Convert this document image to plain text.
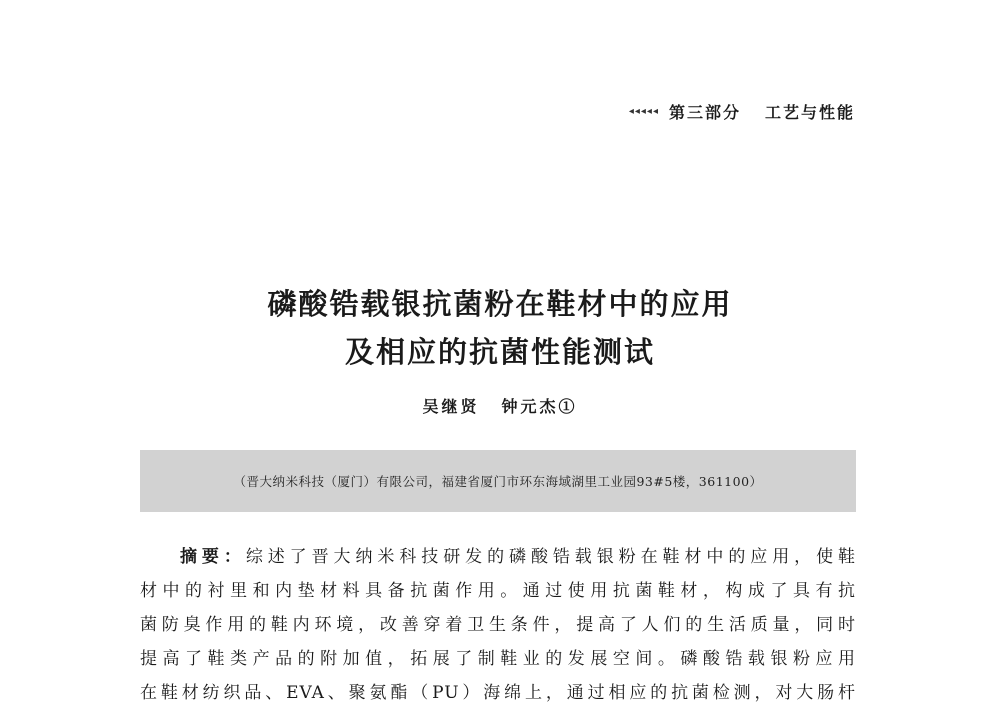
◂◂◂◂◂ 第三部分 工艺与性能

磷酸锆载银抗菌粉在鞋材中的应用

及相应的抗菌性能测试

吴继贤 钟元杰①
（晋大纳米科技（厦门）有限公司，福建省厦门市环东海域湖里工业园93#5楼，361100）
摘要：综述了晋大纳米科技研发的磷酸锆载银粉在鞋材中的应用，使鞋
材中的衬里和内垫材料具备抗菌作用。通过使用抗菌鞋材，构成了具有抗
菌防臭作用的鞋内环境，改善穿着卫生条件，提高了人们的生活质量，同时
提高了鞋类产品的附加值，拓展了制鞋业的发展空间。磷酸锆载银粉应用
在鞋材纺织品、EVA、聚氨酯（PU）海绵上，通过相应的抗菌检测，对大肠杆
